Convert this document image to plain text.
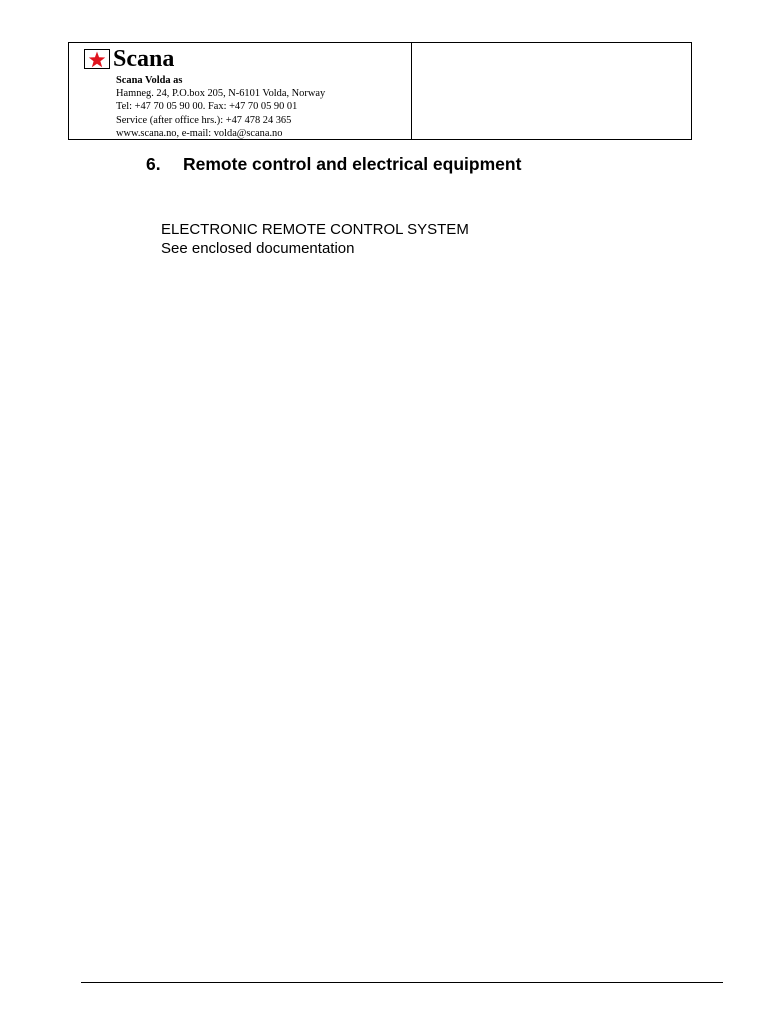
Scana
Scana Volda as
Hamneg. 24, P.O.box 205, N-6101 Volda, Norway
Tel: +47 70 05 90 00. Fax: +47 70 05 90 01
Service (after office hrs.): +47 478 24 365
www.scana.no, e-mail: volda@scana.no
6. Remote control and electrical equipment
ELECTRONIC REMOTE CONTROL SYSTEM
See enclosed documentation
